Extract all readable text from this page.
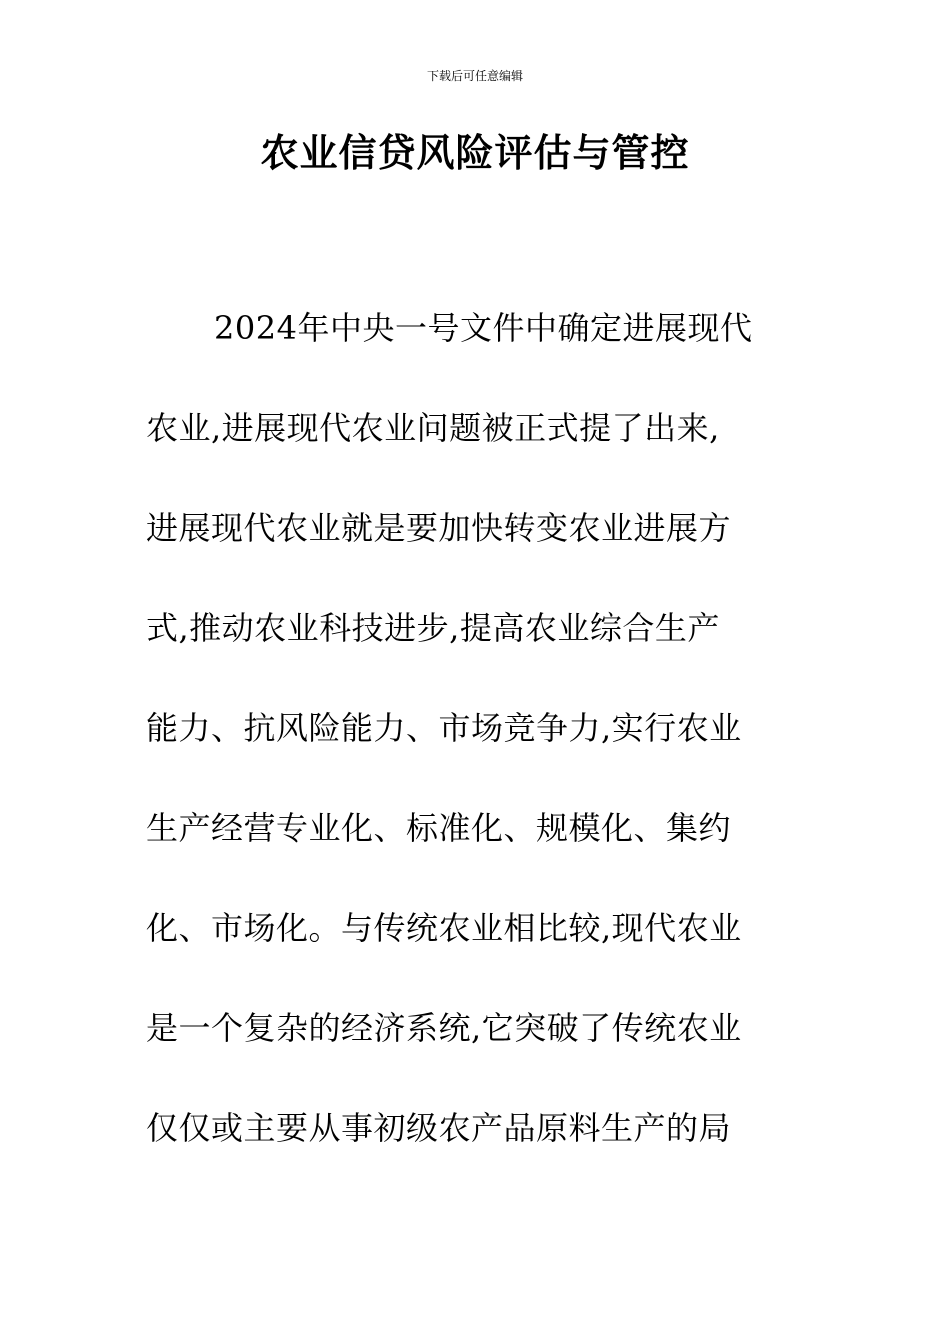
下载后可任意编辑
农业信贷风险评估与管控
2024年中央一号文件中确定进展现代
农业,进展现代农业问题被正式提了出来,
进展现代农业就是要加快转变农业进展方
式,推动农业科技进步,提高农业综合生产
能力、抗风险能力、市场竞争力,实行农业
生产经营专业化、标准化、规模化、集约
化、市场化。与传统农业相比较,现代农业
是一个复杂的经济系统,它突破了传统农业
仅仅或主要从事初级农产品原料生产的局
